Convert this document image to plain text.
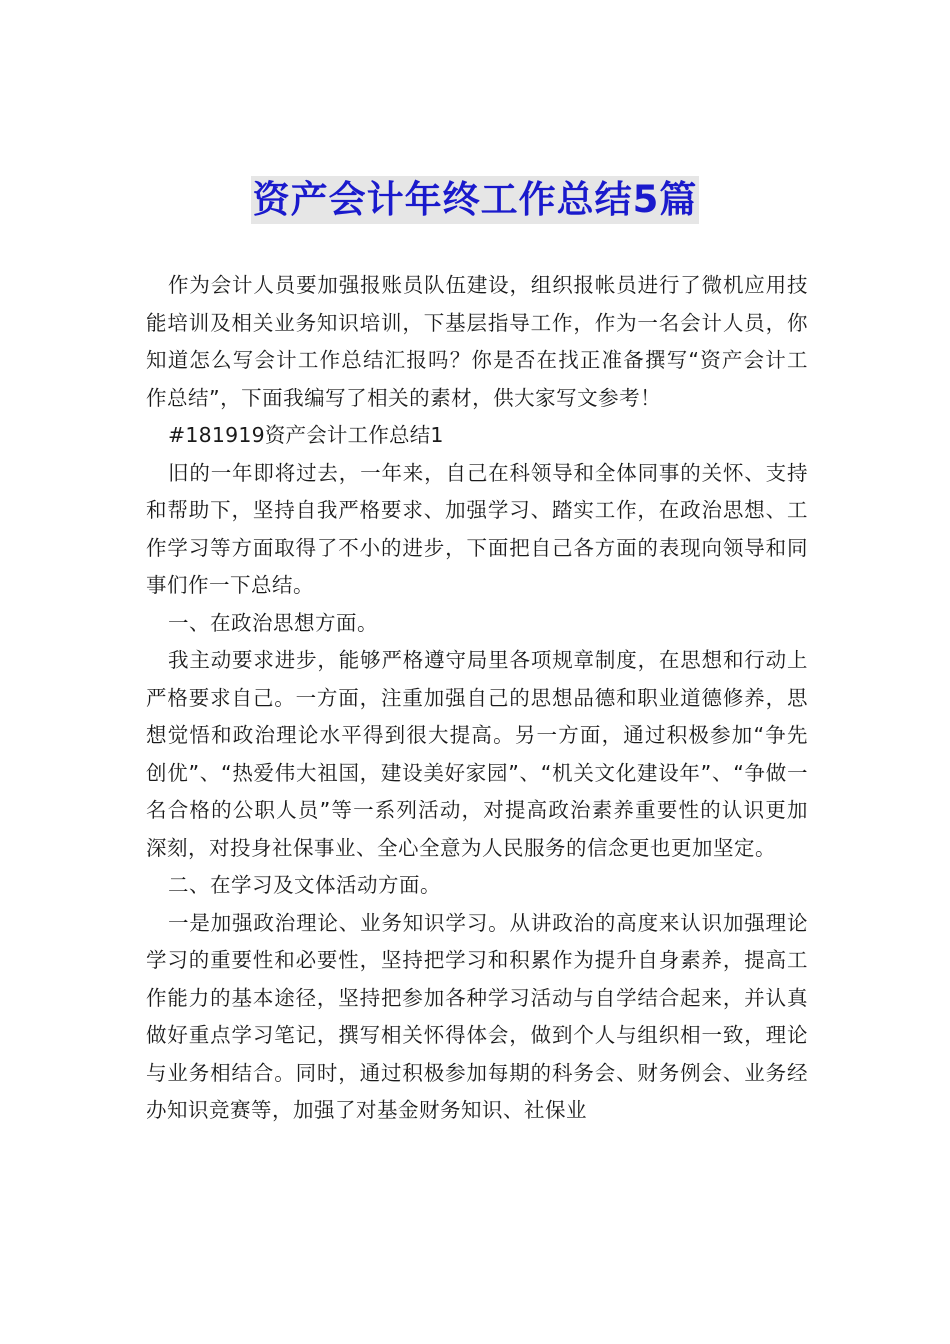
资产会计年终工作总结5篇

作为会计人员要加强报账员队伍建设，组织报帐员进行了微机应用技能培训及相关业务知识培训，下基层指导工作，作为一名会计人员，你知道怎么写会计工作总结汇报吗？你是否在找正准备撰写“资产会计工作总结”，下面我编写了相关的素材，供大家写文参考！

#181919资产会计工作总结1

旧的一年即将过去，一年来，自己在科领导和全体同事的关怀、支持和帮助下，坚持自我严格要求、加强学习、踏实工作，在政治思想、工作学习等方面取得了不小的进步，下面把自己各方面的表现向领导和同事们作一下总结。

一、在政治思想方面。

我主动要求进步，能够严格遵守局里各项规章制度，在思想和行动上严格要求自己。一方面，注重加强自己的思想品德和职业道德修养，思想觉悟和政治理论水平得到很大提高。另一方面，通过积极参加“争先创优”、“热爱伟大祖国，建设美好家园”、“机关文化建设年”、“争做一名合格的公职人员”等一系列活动，对提高政治素养重要性的认识更加深刻，对投身社保事业、全心全意为人民服务的信念更也更加坚定。

二、在学习及文体活动方面。

一是加强政治理论、业务知识学习。从讲政治的高度来认识加强理论学习的重要性和必要性，坚持把学习和积累作为提升自身素养，提高工作能力的基本途径，坚持把参加各种学习活动与自学结合起来，并认真做好重点学习笔记，撰写相关怀得体会，做到个人与组织相一致，理论与业务相结合。同时，通过积极参加每期的科务会、财务例会、业务经办知识竞赛等，加强了对基金财务知识、社保业
